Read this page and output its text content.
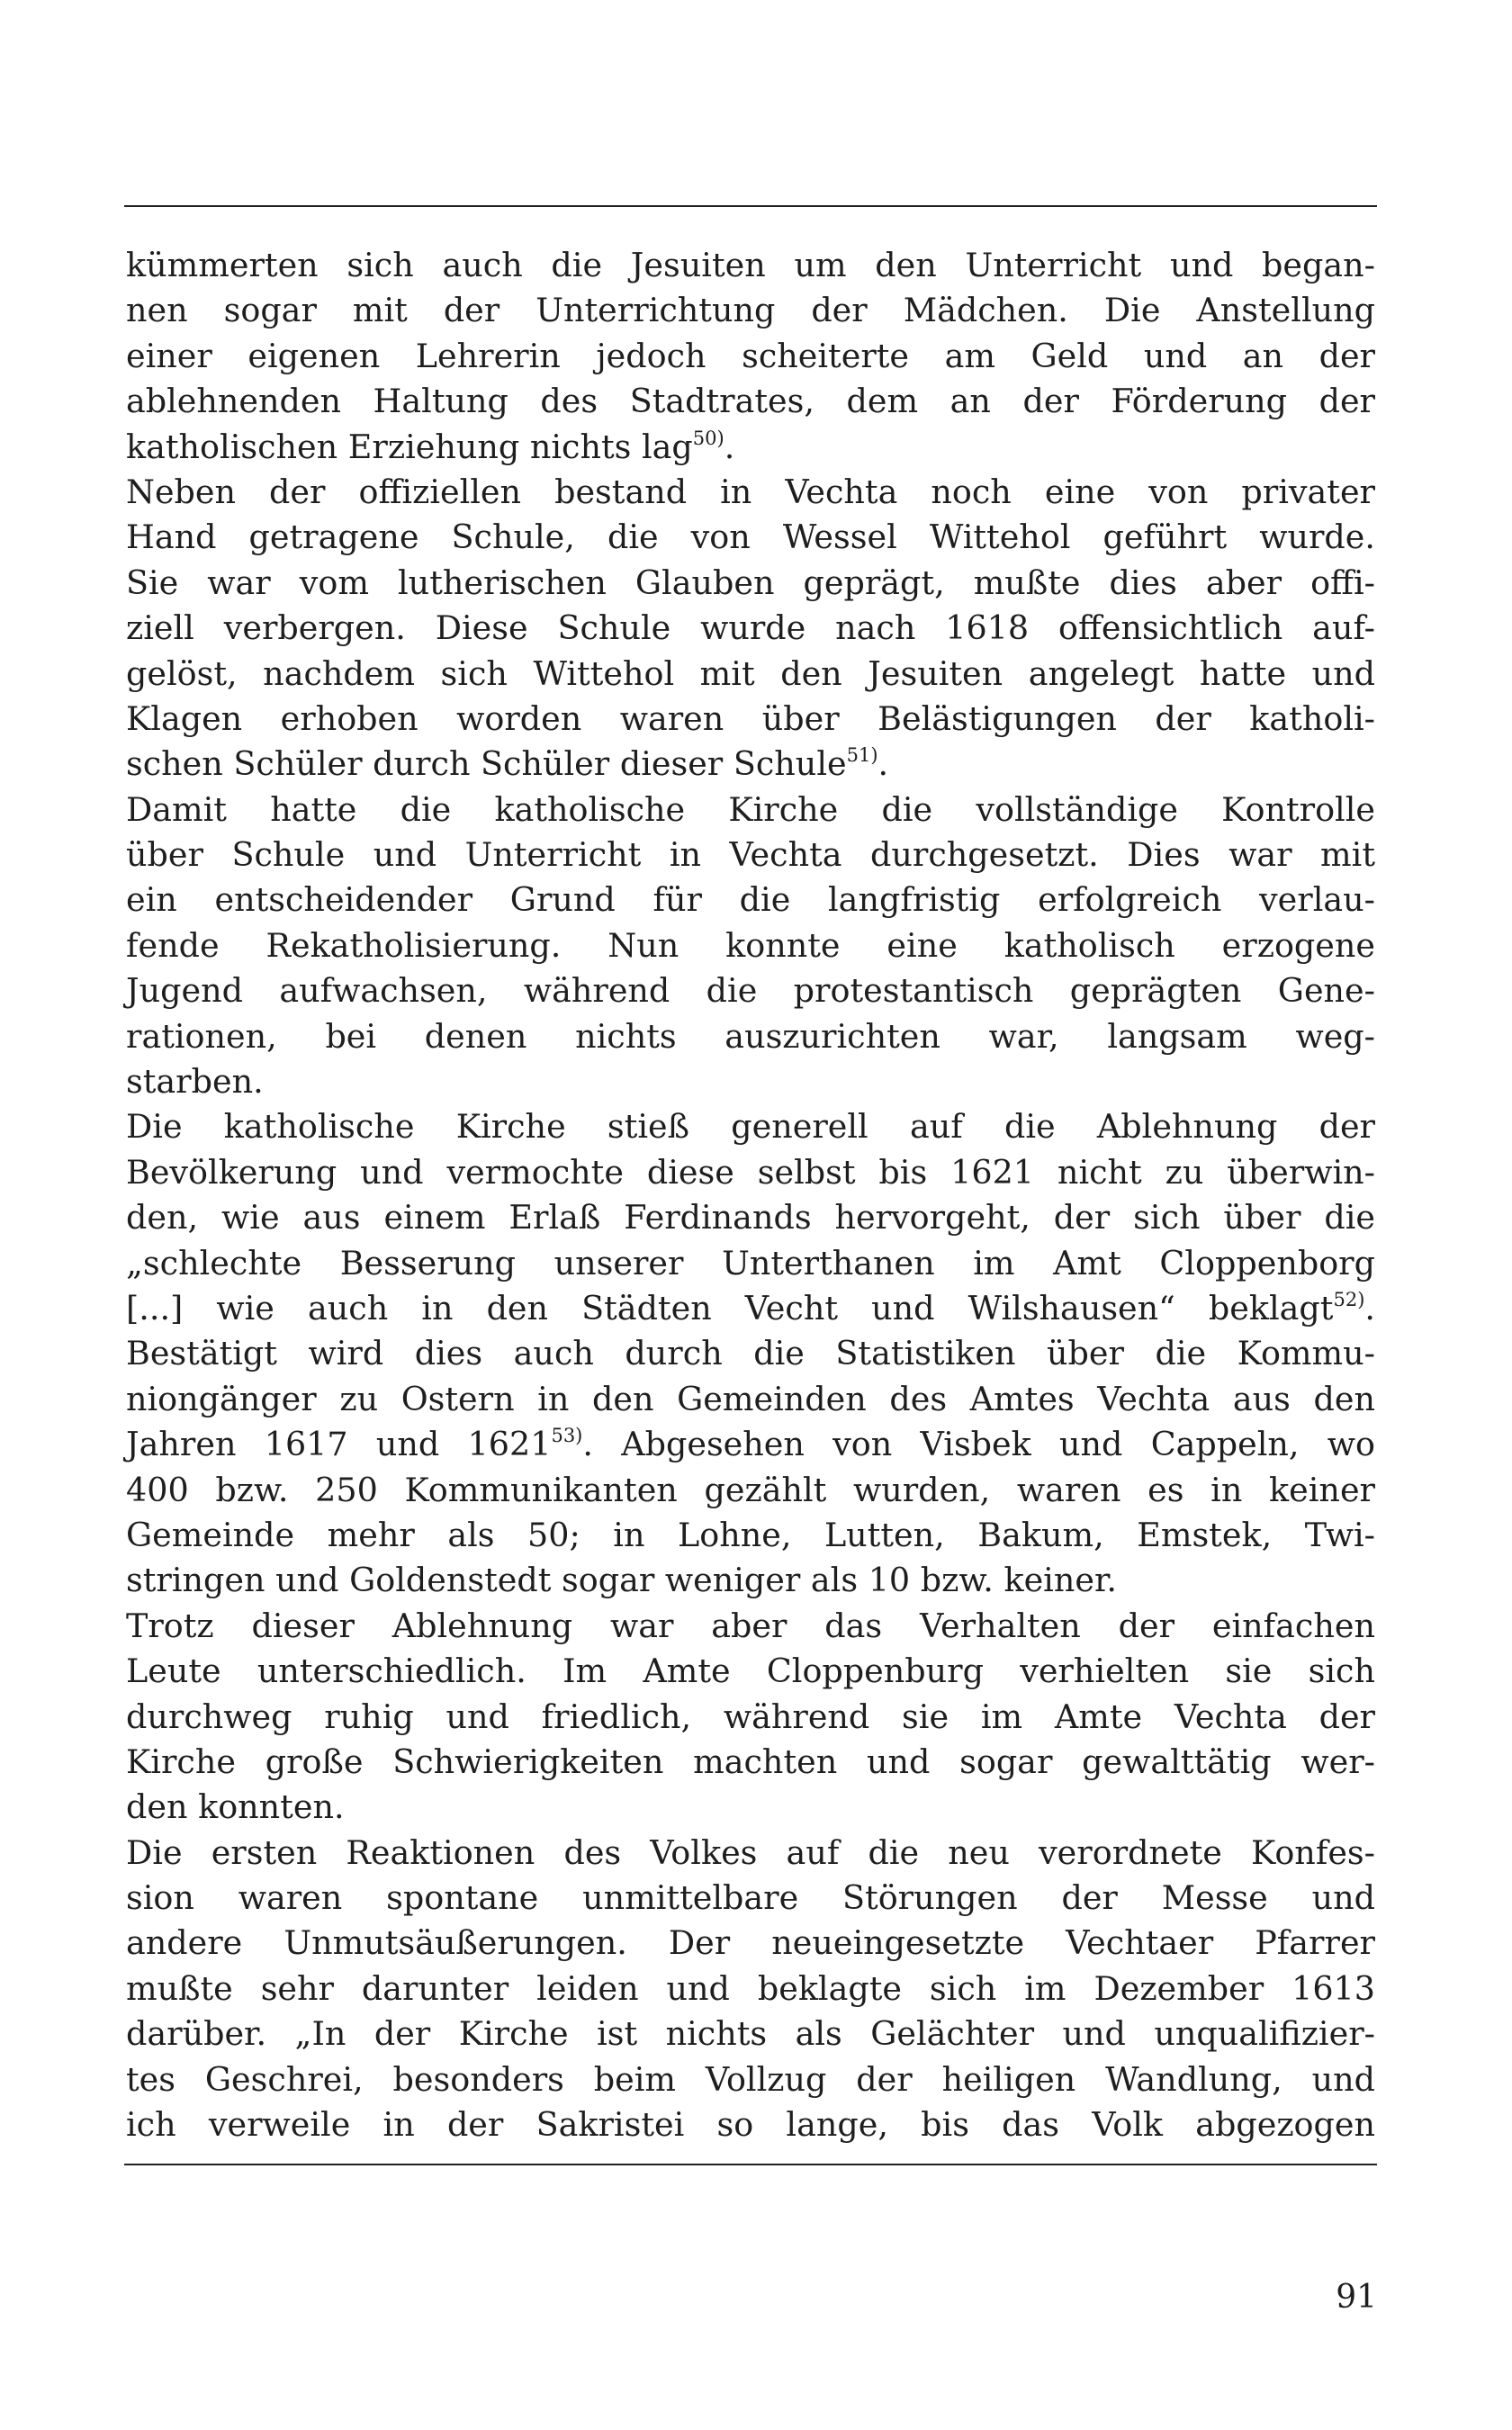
kümmerten sich auch die Jesuiten um den Unterricht und began-
nen sogar mit der Unterrichtung der Mädchen. Die Anstellung
einer eigenen Lehrerin jedoch scheiterte am Geld und an der
ablehnenden Haltung des Stadtrates, dem an der Förderung der
katholischen Erziehung nichts lag$^{50)}$.
Neben der offiziellen bestand in Vechta noch eine von privater
Hand getragene Schule, die von Wessel Wittehol geführt wurde.
Sie war vom lutherischen Glauben geprägt, mußte dies aber offi-
ziell verbergen. Diese Schule wurde nach 1618 offensichtlich auf-
gelöst, nachdem sich Wittehol mit den Jesuiten angelegt hatte und
Klagen erhoben worden waren über Belästigungen der katholi-
schen Schüler durch Schüler dieser Schule$^{51)}$.
Damit hatte die katholische Kirche die vollständige Kontrolle
über Schule und Unterricht in Vechta durchgesetzt. Dies war mit
ein entscheidender Grund für die langfristig erfolgreich verlau-
fende Rekatholisierung. Nun konnte eine katholisch erzogene
Jugend aufwachsen, während die protestantisch geprägten Gene-
rationen, bei denen nichts auszurichten war, langsam weg-
starben.
Die katholische Kirche stieß generell auf die Ablehnung der
Bevölkerung und vermochte diese selbst bis 1621 nicht zu überwin-
den, wie aus einem Erlaß Ferdinands hervorgeht, der sich über die
„schlechte Besserung unserer Unterthanen im Amt Cloppenborg
[...] wie auch in den Städten Vecht und Wilshausen“ beklagt$^{52)}$.
Bestätigt wird dies auch durch die Statistiken über die Kommu-
niongänger zu Ostern in den Gemeinden des Amtes Vechta aus den
Jahren 1617 und 1621$^{53)}$. Abgesehen von Visbek und Cappeln, wo
400 bzw. 250 Kommunikanten gezählt wurden, waren es in keiner
Gemeinde mehr als 50; in Lohne, Lutten, Bakum, Emstek, Twi-
stringen und Goldenstedt sogar weniger als 10 bzw. keiner.
Trotz dieser Ablehnung war aber das Verhalten der einfachen
Leute unterschiedlich. Im Amte Cloppenburg verhielten sie sich
durchweg ruhig und friedlich, während sie im Amte Vechta der
Kirche große Schwierigkeiten machten und sogar gewalttätig wer-
den konnten.
Die ersten Reaktionen des Volkes auf die neu verordnete Konfes-
sion waren spontane unmittelbare Störungen der Messe und
andere Unmutsäußerungen. Der neueingesetzte Vechtaer Pfarrer
mußte sehr darunter leiden und beklagte sich im Dezember 1613
darüber. „In der Kirche ist nichts als Gelächter und unqualifizier-
tes Geschrei, besonders beim Vollzug der heiligen Wandlung, und
ich verweile in der Sakristei so lange, bis das Volk abgezogen
91
